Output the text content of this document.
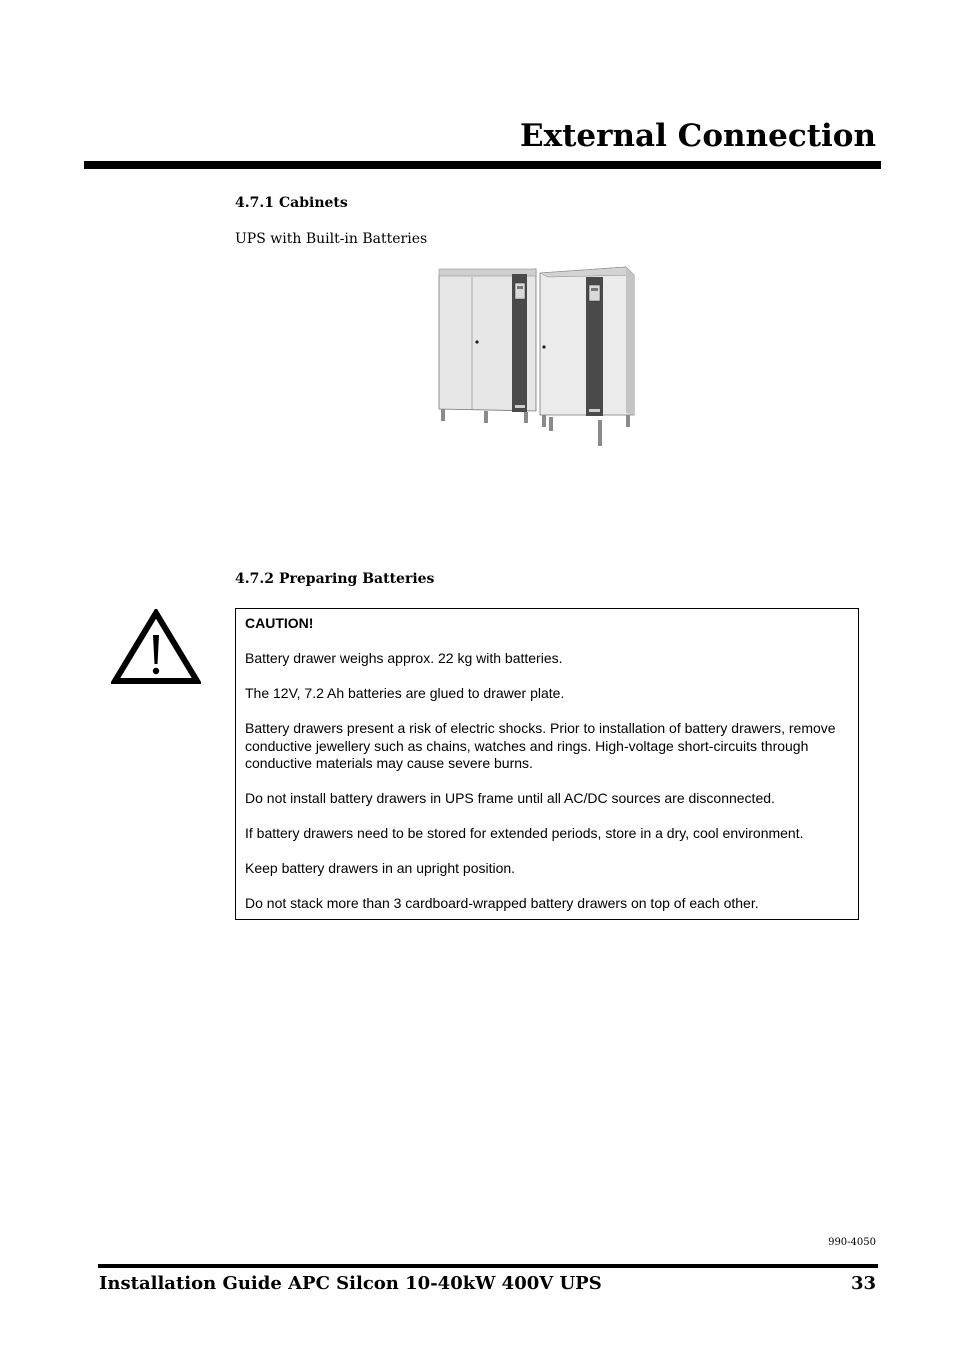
External Connection
4.7.1 Cabinets
UPS with Built-in Batteries
4.7.2 Preparing Batteries

CAUTION!

Battery drawer weighs approx. 22 kg with batteries.

The 12V, 7.2 Ah batteries are glued to drawer plate.

Battery drawers present a risk of electric shocks. Prior to installation of battery drawers, remove conductive jewellery such as chains, watches and rings. High-voltage short-circuits through conductive materials may cause severe burns.

Do not install battery drawers in UPS frame until all AC/DC sources are disconnected.

If battery drawers need to be stored for extended periods, store in a dry, cool environment.

Keep battery drawers in an upright position.

Do not stack more than 3 cardboard-wrapped battery drawers on top of each other.

990-4050
Installation Guide APC Silcon 10-40kW 400V UPS	33
